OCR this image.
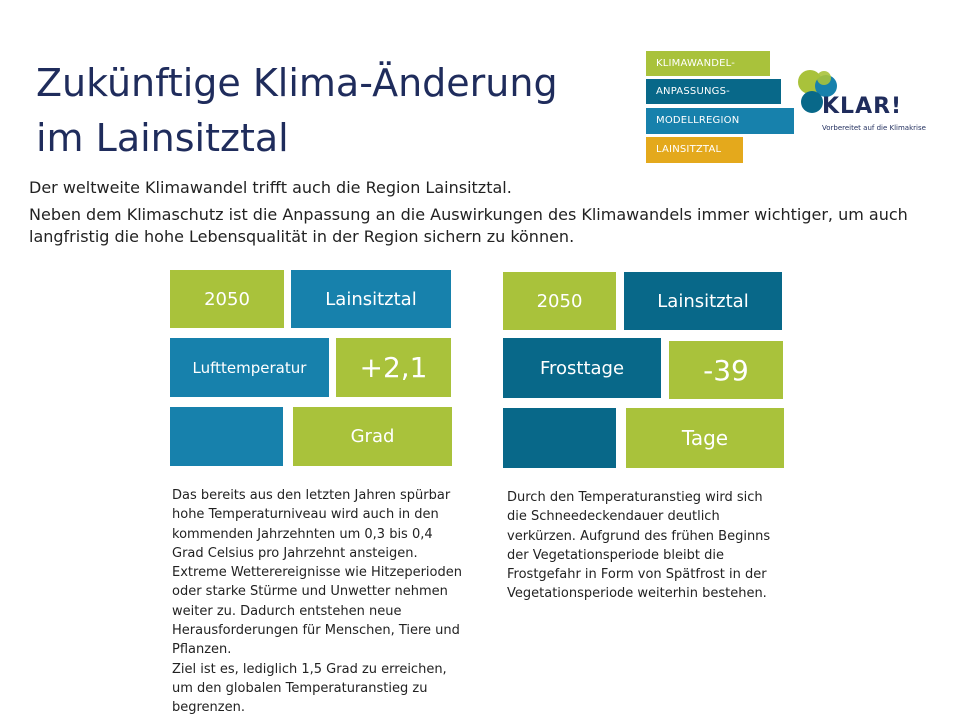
Zukünftige Klima-Änderung
im Lainsitztal
KLIMAWANDEL-
ANPASSUNGS-
MODELLREGION
LAINSITZTAL
KLAR!
Vorbereitet auf die Klimakrise
Der weltweite Klimawandel trifft auch die Region Lainsitztal.
Neben dem Klimaschutz ist die Anpassung an die Auswirkungen des Klimawandels immer wichtiger, um auch langfristig die hohe Lebensqualität in der Region sichern zu können.
2050	Lainsitztal
Lufttemperatur	+2,1
Grad
Das bereits aus den letzten Jahren spürbar
hohe Temperaturniveau wird auch in den
kommenden Jahrzehnten um 0,3 bis 0,4
Grad Celsius pro Jahrzehnt ansteigen.
Extreme Wetterereignisse wie Hitzeperioden
oder starke Stürme und Unwetter nehmen
weiter zu. Dadurch entstehen neue
Herausforderungen für Menschen, Tiere und
Pflanzen.
Ziel ist es, lediglich 1,5 Grad zu erreichen,
um den globalen Temperaturanstieg zu
begrenzen.
2050	Lainsitztal
Frosttage	-39
Tage
Durch den Temperaturanstieg wird sich
die Schneedeckendauer deutlich
verkürzen. Aufgrund des frühen Beginns
der Vegetationsperiode bleibt die
Frostgefahr in Form von Spätfrost in der
Vegetationsperiode weiterhin bestehen.
